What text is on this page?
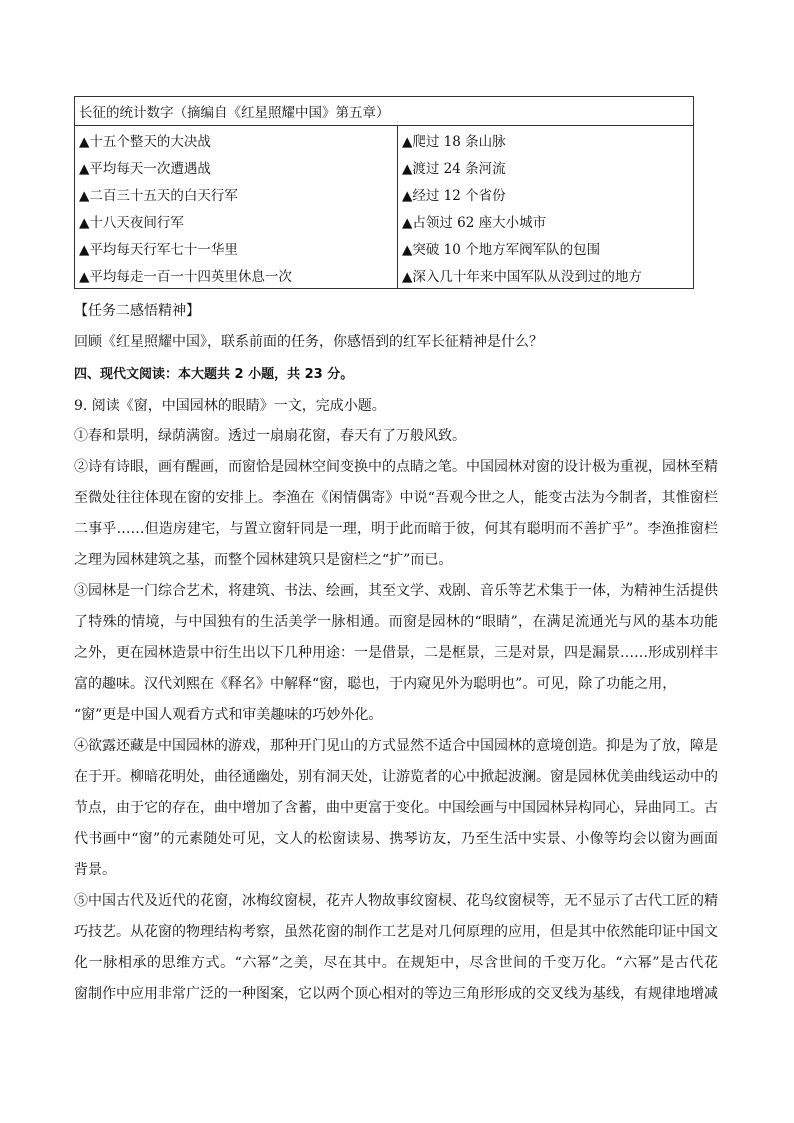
长征的统计数字（摘编自《红星照耀中国》第五章）	
▲十五个整天的大决战	▲爬过 18 条山脉
▲平均每天一次遭遇战	▲渡过 24 条河流
▲二百三十五天的白天行军	▲经过 12 个省份
▲十八天夜间行军	▲占领过 62 座大小城市
▲平均每天行军七十一华里	▲突破 10 个地方军阀军队的包围
▲平均每走一百一十四英里休息一次	▲深入几十年来中国军队从没到过的地方
【任务二感悟精神】
回顾《红星照耀中国》，联系前面的任务，你感悟到的红军长征精神是什么？
四、现代文阅读：本大题共 2 小题，共 23 分。
9. 阅读《窗，中国园林的眼睛》一文，完成小题。
①春和景明，绿荫满窗。透过一扇扇花窗，春天有了万般风致。
②诗有诗眼，画有醒画，而窗恰是园林空间变换中的点睛之笔。中国园林对窗的设计极为重视，园林至精
至微处往往体现在窗的安排上。李渔在《闲情偶寄》中说“吾观今世之人，能变古法为今制者，其惟窗栏
二事乎……但造房建宅，与置立窗轩同是一理，明于此而暗于彼，何其有聪明而不善扩乎”。李渔推窗栏
之理为园林建筑之基，而整个园林建筑只是窗栏之“扩”而已。
③园林是一门综合艺术，将建筑、书法、绘画，其至文学、戏剧、音乐等艺术集于一体，为精神生活提供
了特殊的情境，与中国独有的生活美学一脉相通。而窗是园林的“眼睛”，在满足流通光与风的基本功能
之外，更在园林造景中衍生出以下几种用途：一是借景，二是框景，三是对景，四是漏景……形成别样丰
富的趣味。汉代刘熙在《释名》中解释“窗，聪也，于内窥见外为聪明也”。可见，除了功能之用，
“窗”更是中国人观看方式和审美趣味的巧妙外化。
④欲露还藏是中国园林的游戏，那种开门见山的方式显然不适合中国园林的意境创造。抑是为了放，障是
在于开。柳暗花明处，曲径通幽处，别有洞天处，让游览者的心中掀起波澜。窗是园林优美曲线运动中的
节点，由于它的存在，曲中增加了含蓄，曲中更富于变化。中国绘画与中国园林异构同心，异曲同工。古
代书画中“窗”的元素随处可见，文人的松窗读易、携琴访友，乃至生活中实景、小像等均会以窗为画面
背景。
⑤中国古代及近代的花窗，冰梅纹窗棂，花卉人物故事纹窗棂、花鸟纹窗棂等，无不显示了古代工匠的精
巧技艺。从花窗的物理结构考察，虽然花窗的制作工艺是对几何原理的应用，但是其中依然能印证中国文
化一脉相承的思维方式。“六幂”之美，尽在其中。在规矩中，尽含世间的千变万化。“六幂”是古代花
窗制作中应用非常广泛的一种图案，它以两个顶心相对的等边三角形形成的交叉线为基线，有规律地增减
